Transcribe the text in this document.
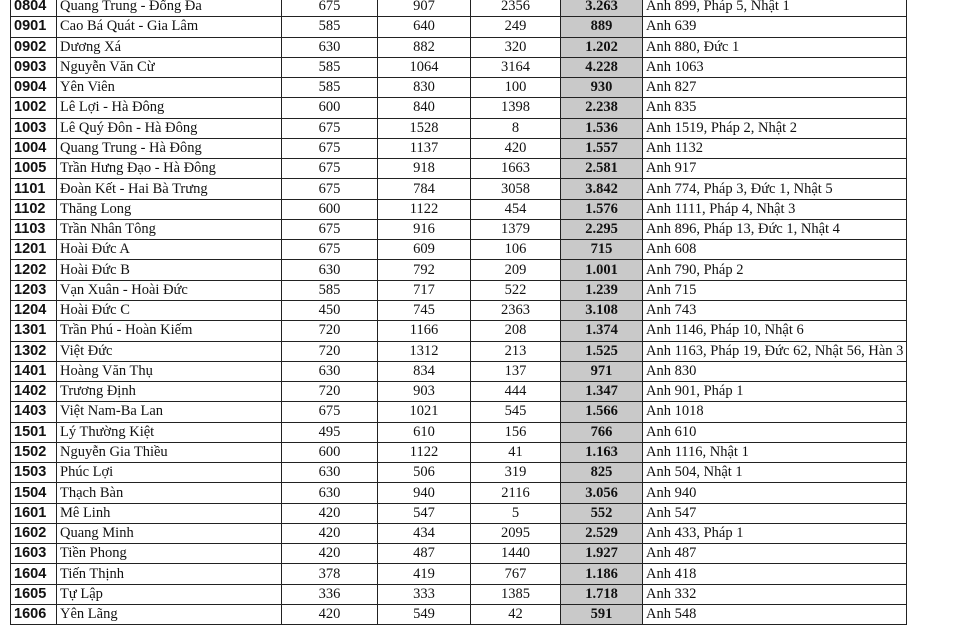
0804	Quang Trung - Đống Đa	675	907	2356	3.263	Anh 899, Pháp 5, Nhật 1
0901	Cao Bá Quát - Gia Lâm	585	640	249	889	Anh 639
0902	Dương Xá	630	882	320	1.202	Anh 880, Đức 1
0903	Nguyễn Văn Cừ	585	1064	3164	4.228	Anh 1063
0904	Yên Viên	585	830	100	930	Anh 827
1002	Lê Lợi - Hà Đông	600	840	1398	2.238	Anh 835
1003	Lê Quý Đôn - Hà Đông	675	1528	8	1.536	Anh 1519, Pháp 2, Nhật 2
1004	Quang Trung - Hà Đông	675	1137	420	1.557	Anh 1132
1005	Trần Hưng Đạo - Hà Đông	675	918	1663	2.581	Anh 917
1101	Đoàn Kết - Hai Bà Trưng	675	784	3058	3.842	Anh 774, Pháp 3, Đức 1, Nhật 5
1102	Thăng Long	600	1122	454	1.576	Anh 1111, Pháp 4, Nhật 3
1103	Trần Nhân Tông	675	916	1379	2.295	Anh 896, Pháp 13, Đức 1, Nhật 4
1201	Hoài Đức A	675	609	106	715	Anh 608
1202	Hoài Đức B	630	792	209	1.001	Anh 790, Pháp 2
1203	Vạn Xuân - Hoài Đức	585	717	522	1.239	Anh 715
1204	Hoài Đức C	450	745	2363	3.108	Anh 743
1301	Trần Phú - Hoàn Kiếm	720	1166	208	1.374	Anh 1146, Pháp 10, Nhật 6
1302	Việt Đức	720	1312	213	1.525	Anh 1163, Pháp 19, Đức 62, Nhật 56, Hàn 3
1401	Hoàng Văn Thụ	630	834	137	971	Anh 830
1402	Trương Định	720	903	444	1.347	Anh 901, Pháp 1
1403	Việt Nam-Ba Lan	675	1021	545	1.566	Anh 1018
1501	Lý Thường Kiệt	495	610	156	766	Anh 610
1502	Nguyễn Gia Thiều	600	1122	41	1.163	Anh 1116, Nhật 1
1503	Phúc Lợi	630	506	319	825	Anh 504, Nhật 1
1504	Thạch Bàn	630	940	2116	3.056	Anh 940
1601	Mê Linh	420	547	5	552	Anh 547
1602	Quang Minh	420	434	2095	2.529	Anh 433, Pháp 1
1603	Tiền Phong	420	487	1440	1.927	Anh 487
1604	Tiến Thịnh	378	419	767	1.186	Anh 418
1605	Tự Lập	336	333	1385	1.718	Anh 332
1606	Yên Lãng	420	549	42	591	Anh 548
